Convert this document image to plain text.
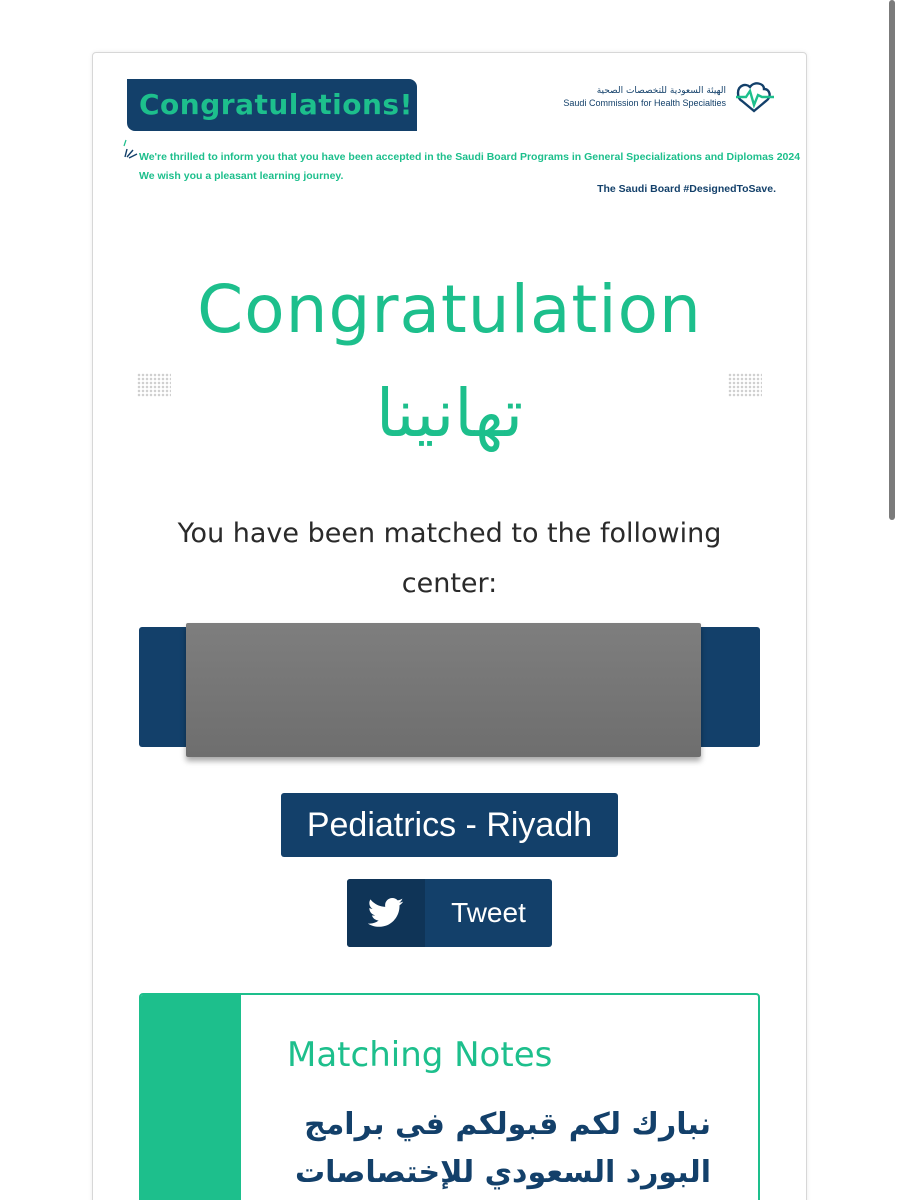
Congratulations!
We're thrilled to inform you that you have been accepted in the Saudi Board Programs in General Specializations and Diplomas 2024
We wish you a pleasant learning journey.
The Saudi Board #DesignedToSave.
الهيئة السعودية للتخصصات الصحية
Saudi Commission for Health Specialties
Congratulation
تهانينا
You have been matched to the following center:
Pediatrics - Riyadh
Tweet
Matching Notes
نبارك لكم قبولكم في برامج البورد السعودي للإختصاصات
